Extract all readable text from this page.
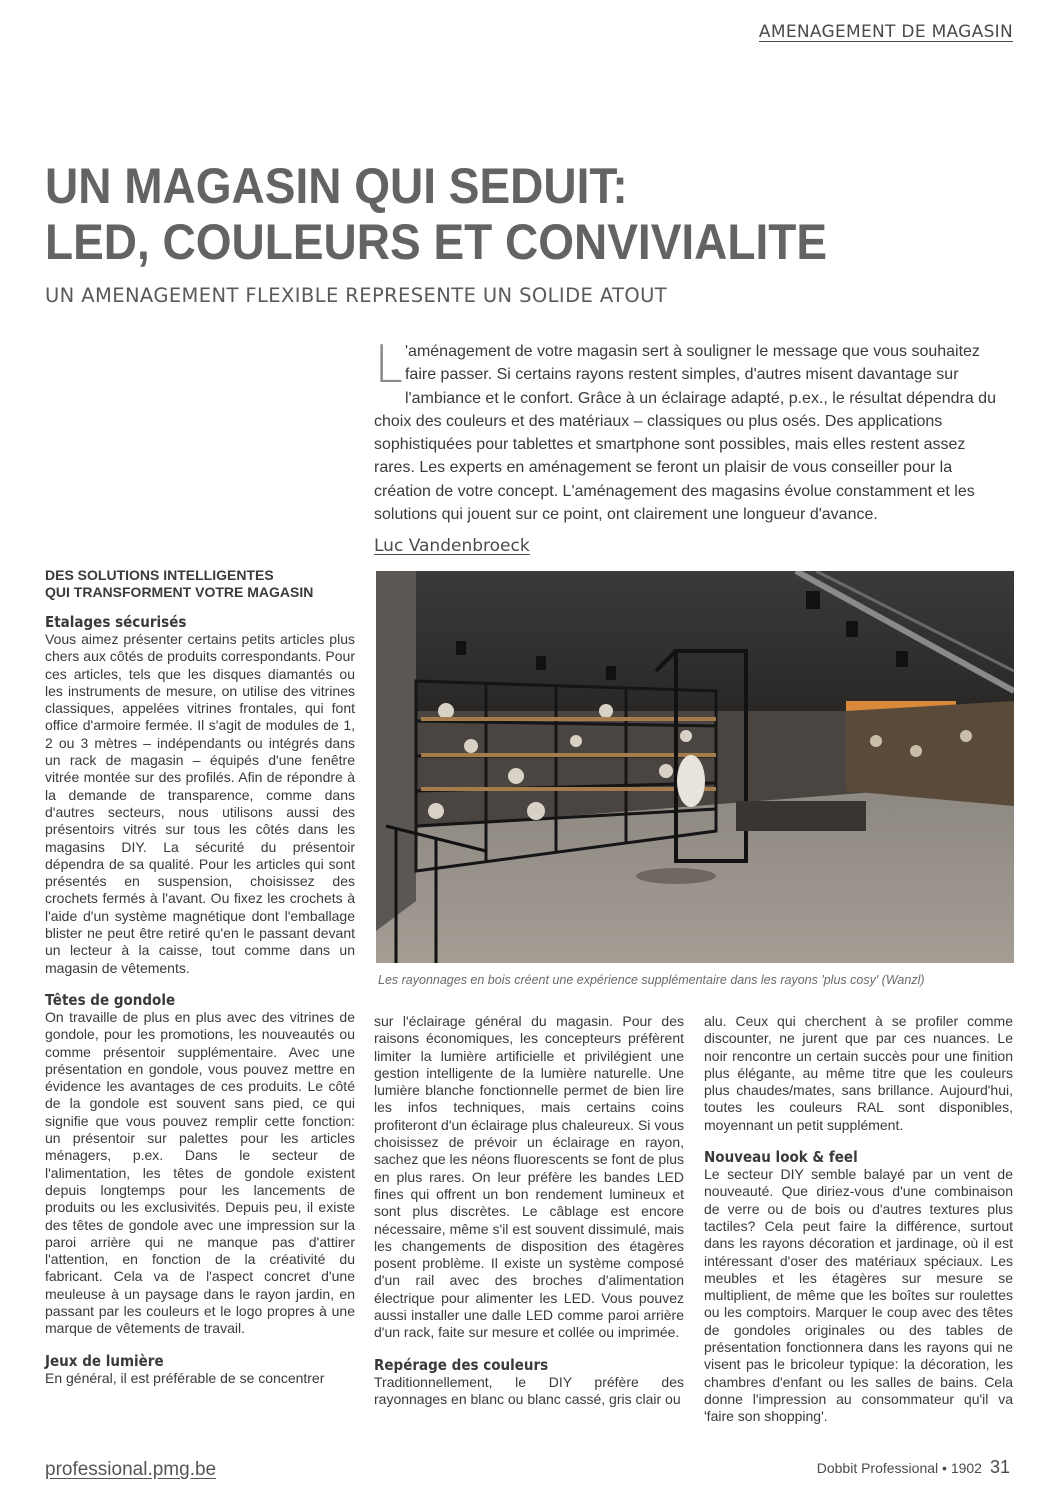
AMENAGEMENT DE MAGASIN
UN MAGASIN QUI SEDUIT:
LED, COULEURS ET CONVIVIALITE
UN AMENAGEMENT FLEXIBLE REPRESENTE UN SOLIDE ATOUT
L 'aménagement de votre magasin sert à souligner le message que vous souhaitez faire passer. Si certains rayons restent simples, d'autres misent davantage sur l'ambiance et le confort. Grâce à un éclairage adapté, p.ex., le résultat dépendra du choix des couleurs et des matériaux – classiques ou plus osés. Des applications sophistiquées pour tablettes et smartphone sont possibles, mais elles restent assez rares. Les experts en aménagement se feront un plaisir de vous conseiller pour la création de votre concept. L'aménagement des magasins évolue constamment et les solutions qui jouent sur ce point, ont clairement une longueur d'avance.
Luc Vandenbroeck
DES SOLUTIONS INTELLIGENTES
QUI TRANSFORMENT VOTRE MAGASIN

Etalages sécurisés

Vous aimez présenter certains petits articles plus chers aux côtés de produits correspondants. Pour ces articles, tels que les disques diamantés ou les instruments de mesure, on utilise des vitrines classiques, appelées vitrines frontales, qui font office d'armoire fermée. Il s'agit de modules de 1, 2 ou 3 mètres – indépendants ou intégrés dans un rack de magasin – équipés d'une fenêtre vitrée montée sur des profilés. Afin de répondre à la demande de transparence, comme dans d'autres secteurs, nous utilisons aussi des présentoirs vitrés sur tous les côtés dans les magasins DIY. La sécurité du présentoir dépendra de sa qualité. Pour les articles qui sont présentés en suspension, choisissez des crochets fermés à l'avant. Ou fixez les crochets à l'aide d'un système magnétique dont l'emballage blister ne peut être retiré qu'en le passant devant un lecteur à la caisse, tout comme dans un magasin de vêtements.

Têtes de gondole

On travaille de plus en plus avec des vitrines de gondole, pour les promotions, les nouveautés ou comme présentoir supplémentaire. Avec une présentation en gondole, vous pouvez mettre en évidence les avantages de ces produits. Le côté de la gondole est souvent sans pied, ce qui signifie que vous pouvez remplir cette fonction: un présentoir sur palettes pour les articles ménagers, p.ex. Dans le secteur de l'alimentation, les têtes de gondole existent depuis longtemps pour les lancements de produits ou les exclusivités. Depuis peu, il existe des têtes de gondole avec une impression sur la paroi arrière qui ne manque pas d'attirer l'attention, en fonction de la créativité du fabricant. Cela va de l'aspect concret d'une meuleuse à un paysage dans le rayon jardin, en passant par les couleurs et le logo propres à une marque de vêtements de travail.

Jeux de lumière

En général, il est préférable de se concentrer

Les rayonnages en bois créent une expérience supplémentaire dans les rayons 'plus cosy' (Wanzl)

sur l'éclairage général du magasin. Pour des raisons économiques, les concepteurs préfèrent limiter la lumière artificielle et privilégient une gestion intelligente de la lumière naturelle. Une lumière blanche fonctionnelle permet de bien lire les infos techniques, mais certains coins profiteront d'un éclairage plus chaleureux. Si vous choisissez de prévoir un éclairage en rayon, sachez que les néons fluorescents se font de plus en plus rares. On leur préfère les bandes LED fines qui offrent un bon rendement lumineux et sont plus discrètes. Le câblage est encore nécessaire, même s'il est souvent dissimulé, mais les changements de disposition des étagères posent problème. Il existe un système composé d'un rail avec des broches d'alimentation électrique pour alimenter les LED. Vous pouvez aussi installer une dalle LED comme paroi arrière d'un rack, faite sur mesure et collée ou imprimée.

Repérage des couleurs

Traditionnellement, le DIY préfère des rayonnages en blanc ou blanc cassé, gris clair ou

alu. Ceux qui cherchent à se profiler comme discounter, ne jurent que par ces nuances. Le noir rencontre un certain succès pour une finition plus élégante, au même titre que les couleurs plus chaudes/mates, sans brillance. Aujourd'hui, toutes les couleurs RAL sont disponibles, moyennant un petit supplément.

Nouveau look & feel

Le secteur DIY semble balayé par un vent de nouveauté. Que diriez-vous d'une combinaison de verre ou de bois ou d'autres textures plus tactiles? Cela peut faire la différence, surtout dans les rayons décoration et jardinage, où il est intéressant d'oser des matériaux spéciaux. Les meubles et les étagères sur mesure se multiplient, de même que les boîtes sur roulettes ou les comptoirs. Marquer le coup avec des têtes de gondoles originales ou des tables de présentation fonctionnera dans les rayons qui ne visent pas le bricoleur typique: la décoration, les chambres d'enfant ou les salles de bains. Cela donne l'impression au consommateur qu'il va 'faire son shopping'.

professional.pmg.be	Dobbit Professional • 1902 31
